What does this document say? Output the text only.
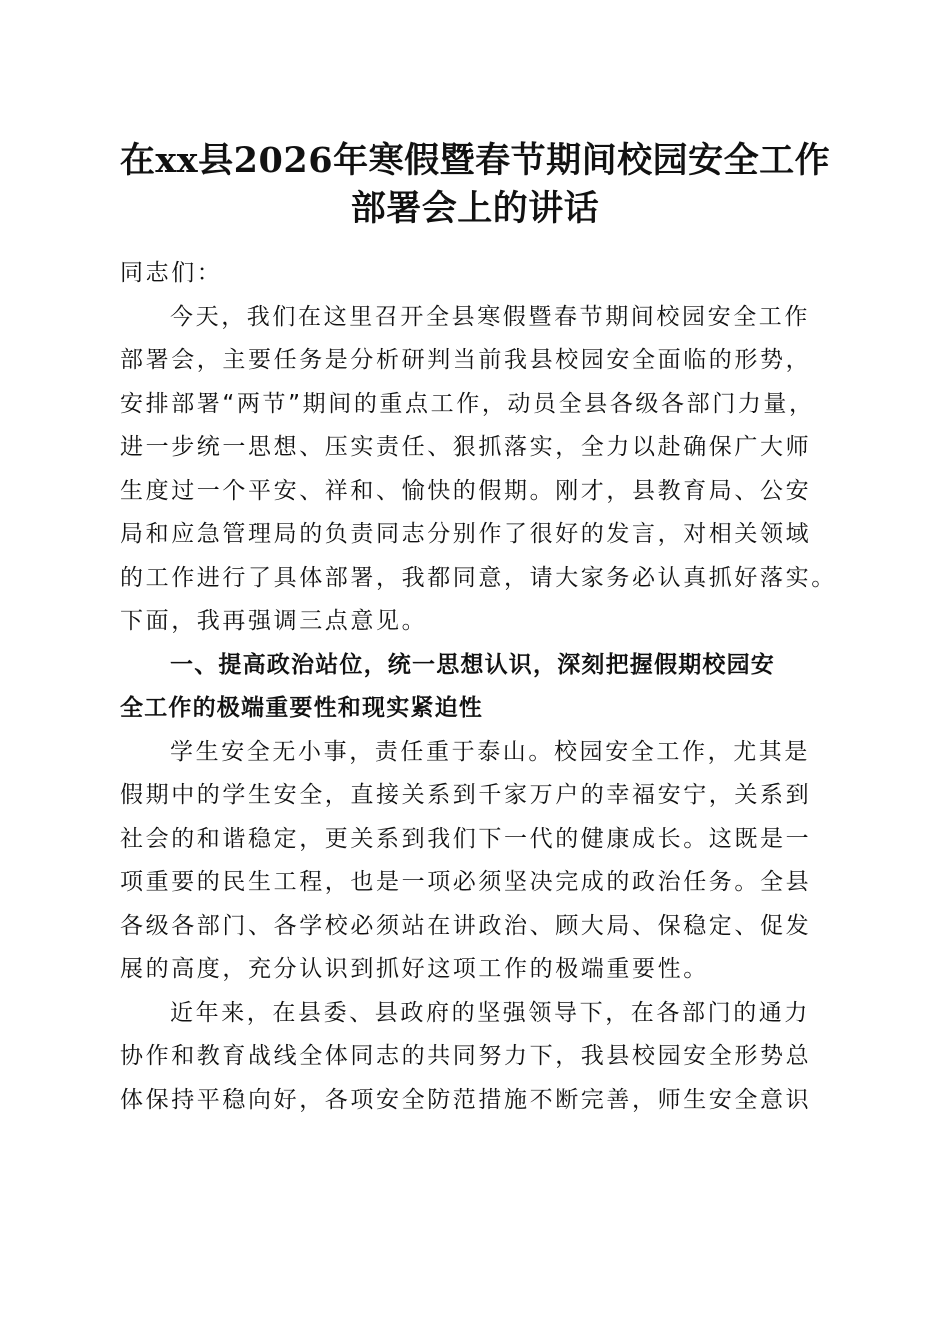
在xx县2026年寒假暨春节期间校园安全工作
部署会上的讲话
同志们：
今天，我们在这里召开全县寒假暨春节期间校园安全工作
部署会，主要任务是分析研判当前我县校园安全面临的形势，
安排部署“两节”期间的重点工作，动员全县各级各部门力量，
进一步统一思想、压实责任、狠抓落实，全力以赴确保广大师
生度过一个平安、祥和、愉快的假期。刚才，县教育局、公安
局和应急管理局的负责同志分别作了很好的发言，对相关领域
的工作进行了具体部署，我都同意，请大家务必认真抓好落实。
下面，我再强调三点意见。
一、提高政治站位，统一思想认识，深刻把握假期校园安
全工作的极端重要性和现实紧迫性
学生安全无小事，责任重于泰山。校园安全工作，尤其是
假期中的学生安全，直接关系到千家万户的幸福安宁，关系到
社会的和谐稳定，更关系到我们下一代的健康成长。这既是一
项重要的民生工程，也是一项必须坚决完成的政治任务。全县
各级各部门、各学校必须站在讲政治、顾大局、保稳定、促发
展的高度，充分认识到抓好这项工作的极端重要性。
近年来，在县委、县政府的坚强领导下，在各部门的通力
协作和教育战线全体同志的共同努力下，我县校园安全形势总
体保持平稳向好，各项安全防范措施不断完善，师生安全意识
